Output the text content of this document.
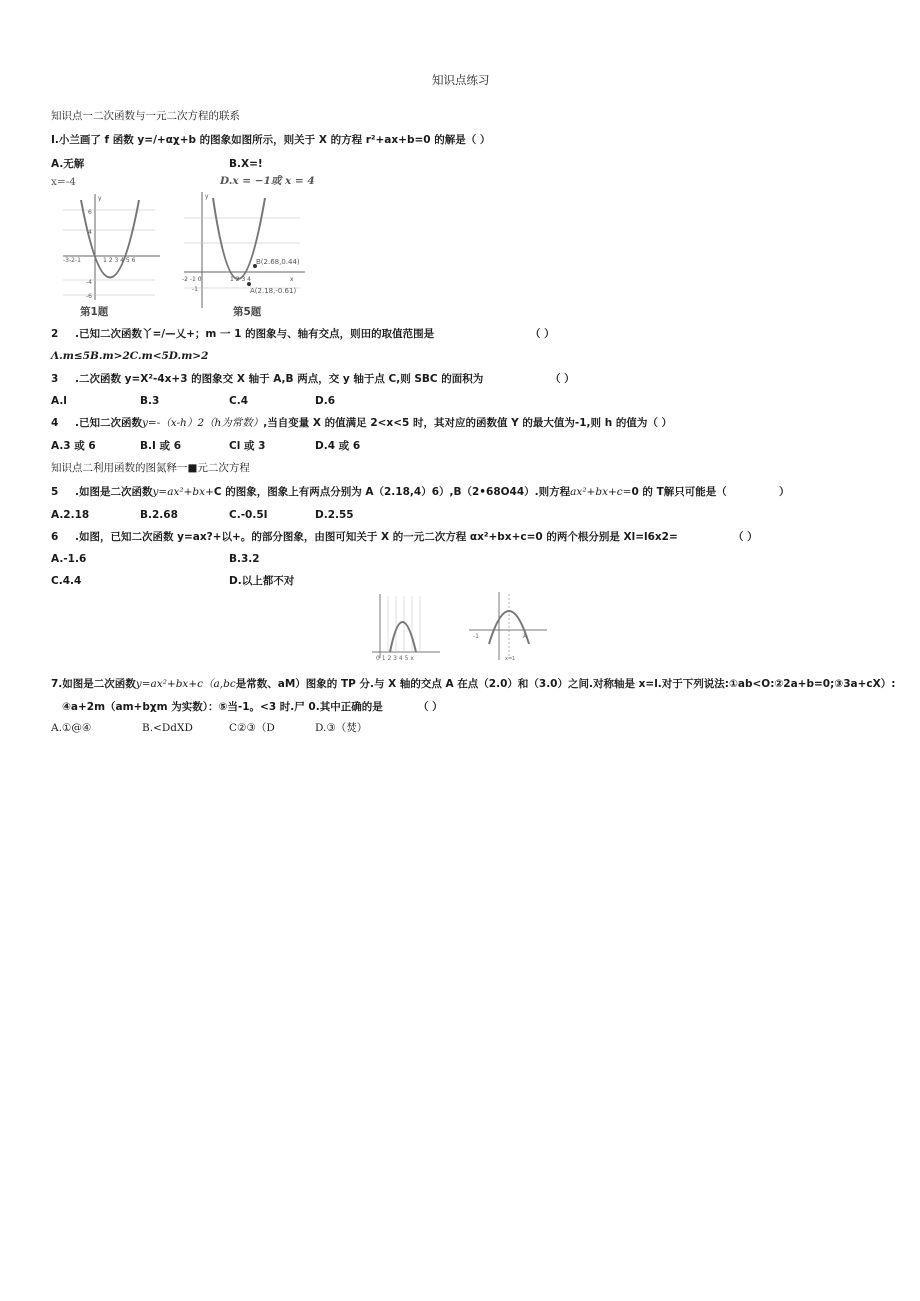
知识点练习
知识点一二次函数与一元二次方程的联系
I.小兰画了 f 函数 y=/+αχ+b 的图象如图所示，则关于 X 的方程 r²+ax+b=0 的解是（ ）
A.无解	B.X=!
x=-4	D.x = −1或 x = 4
-3-2-1	1 2 3 4 5 6
6
4
-4
-6
y
第1题
B(2.68,0.44)
A(2.18,-0.61)
-2 -1 0	1 2 3 4	x
y
-1
第5题
2 .已知二次函数丫=/—乂+；m 一 1 的图象与、轴有交点，则田的取值范围是	（ ）
Λ.m≤5B.m>2C.m<5D.m>2
3 .二次函数 y=X²-4x+3 的图象交 X 轴于 A,B 两点，交 y 轴于点 C,则 SBC 的面积为	（ ）
A.l	B.3	C.4	D.6
4 .已知二次函数y=-（x-h）2（h为常数）,当自变量 X 的值满足 2<x<5 时，其对应的函数值 Y 的最大值为-1,则 h 的值为（ ）
A.3 或 6	B.I 或 6	Cl 或 3	D.4 或 6
知识点二利用函数的图氮释一■元二次方程
5 .如图是二次函数y=ax²+bx+C 的图象，图象上有两点分别为 A（2.18,4）6）,B（2•68O44）.则方程ax²+bx+c=0 的 T解只可能是（	）
A.2.18	B.2.68	C.-0.5I	D.2.55
6 .如图，已知二次函数 y=ax?+以+。的部分图象，由图可知关于 X 的一元二次方程 αx²+bx+c=0 的两个根分别是 Xl=l6x2=	（ ）
A.-1.6	B.3.2
C.4.4	D.以上都不对
0 1 2 3 4 5 x
-1	A
x=1
7.如图是二次函数y=ax²+bx+c（a,bc是常数、aM）图象的 TP 分.与 X 轴的交点 A 在点（2.0）和（3.0）之间.对称轴是 x=l.对于下列说法:①ab<O:②2a+b=0;③3a+cX）:
④a+2m（am+bχm 为实数）：⑤当-1。<3 时.尸 0.其中正确的是	（ ）
A.①@④	B.<DdXD	C②③（D	D.③（焚）
